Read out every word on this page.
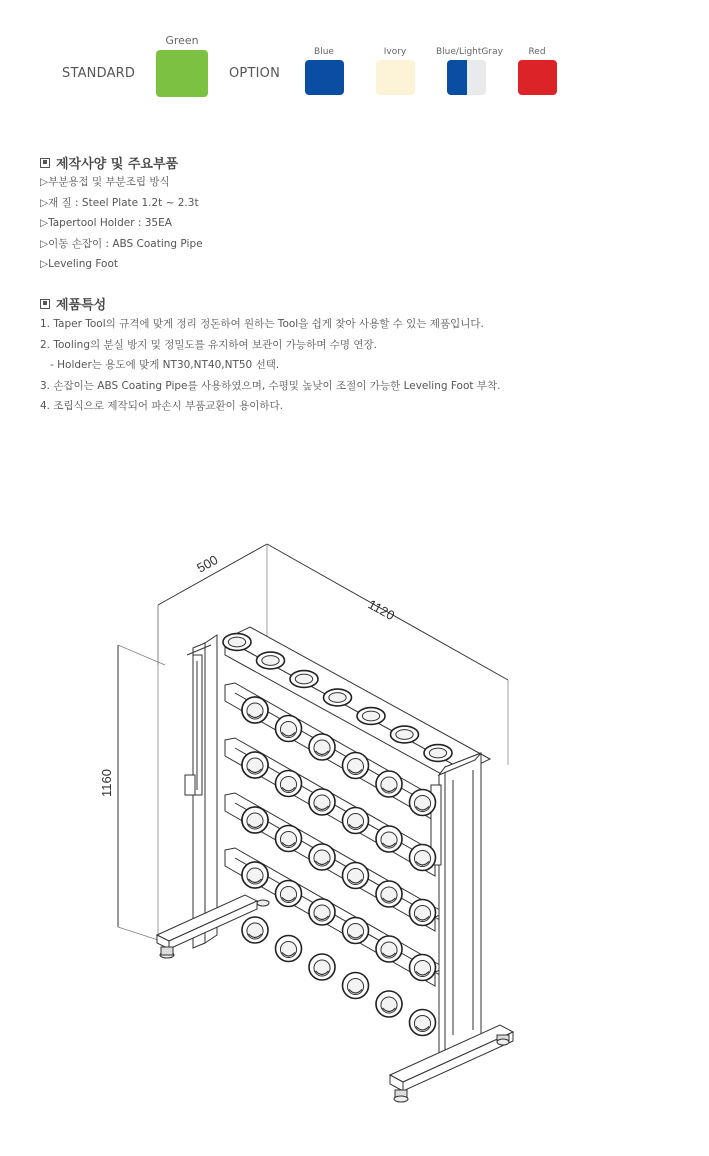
STANDARD
Green
OPTION
Blue	Ivory	Blue/LightGray	Red
제작사양 및 주요부품
▷부분용접 및 부분조립 방식
▷재 질 : Steel Plate 1.2t ~ 2.3t
▷Tapertool Holder : 35EA
▷이동 손잡이 : ABS Coating Pipe
▷Leveling Foot
제품특성
1. Taper Tool의 규격에 맞게 정리 정돈하여 원하는 Tool을 쉽게 찾아 사용할 수 있는 제품입니다.
2. Tooling의 분실 방지 및 정밀도를 유지하여 보관이 가능하며 수명 연장.
- Holder는 용도에 맞게 NT30,NT40,NT50 선택.
3. 손잡이는 ABS Coating Pipe를 사용하였으며, 수평및 높낮이 조절이 가능한 Leveling Foot 부착.
4. 조립식으로 제작되어 파손시 부품교환이 용이하다.
500
1120
1160
